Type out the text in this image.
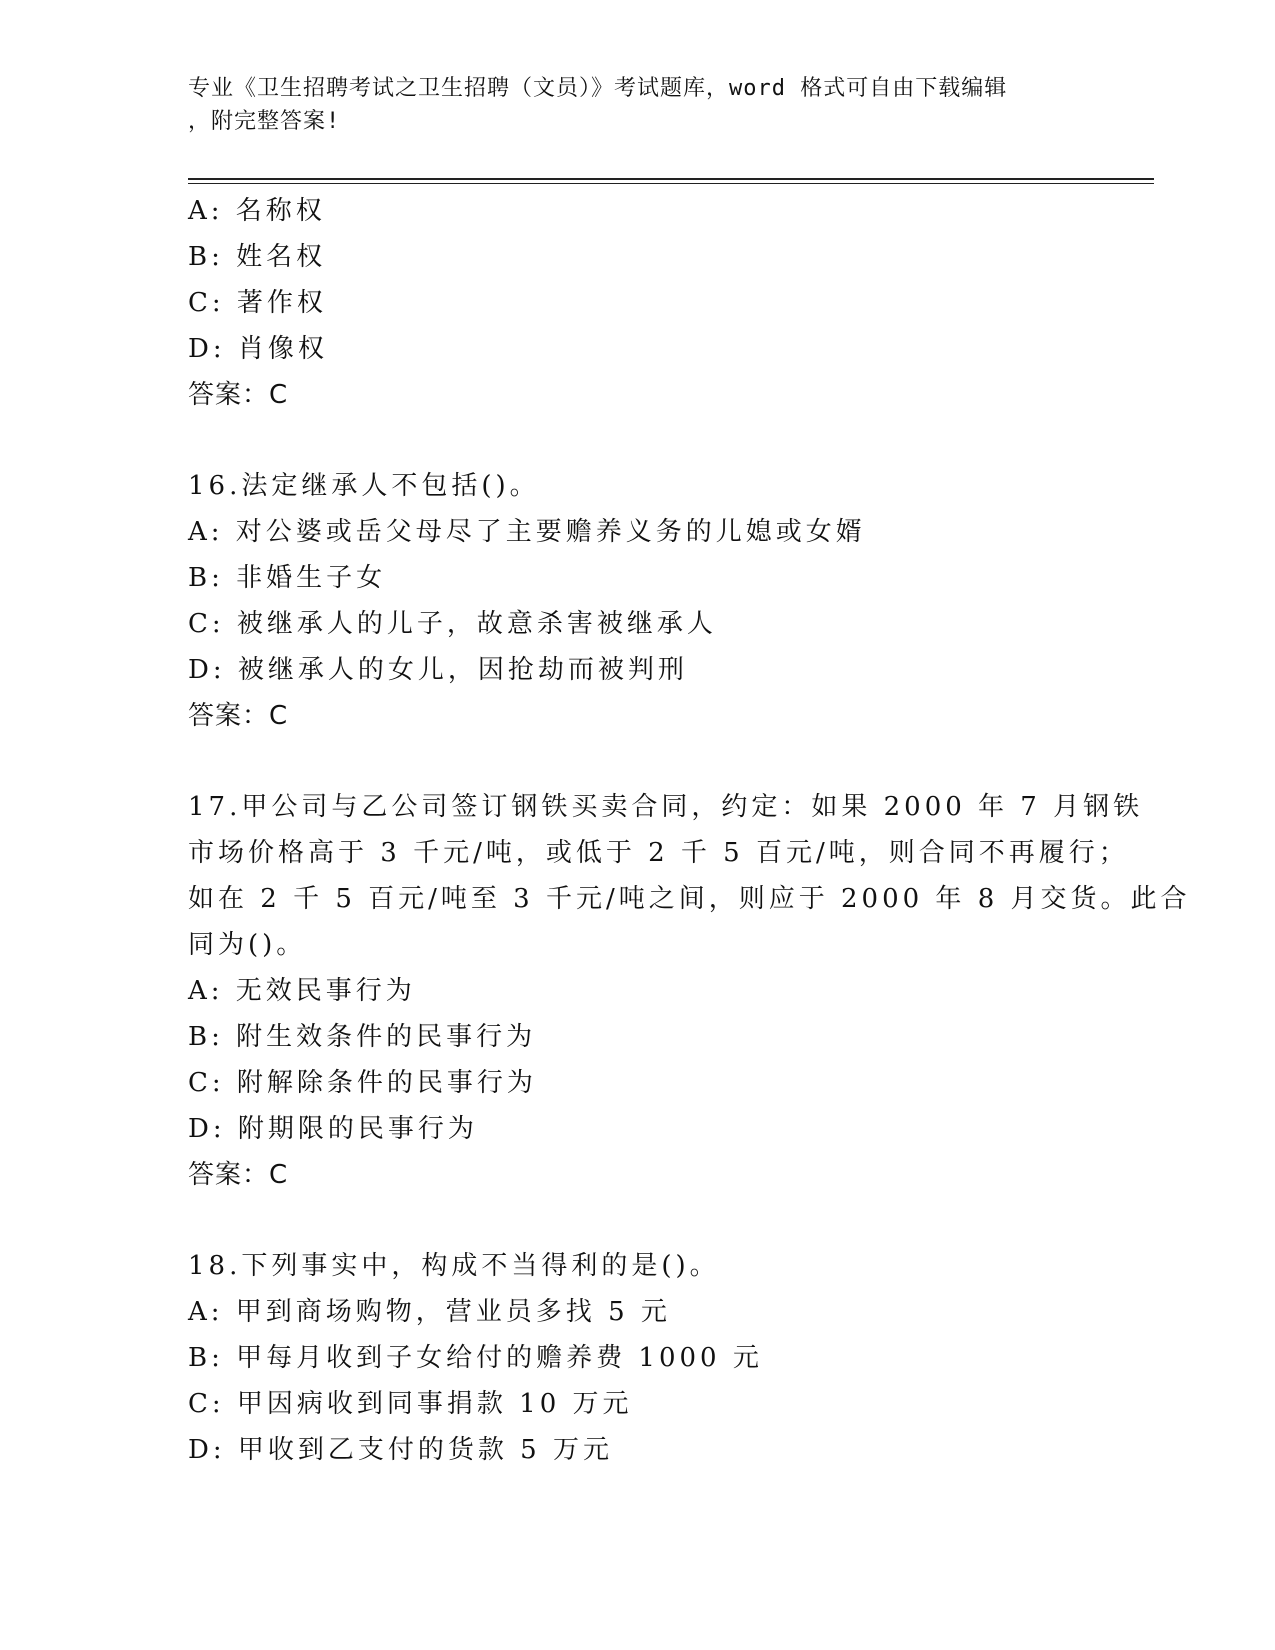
专业《卫生招聘考试之卫生招聘（文员）》考试题库，word 格式可自由下载编辑
，附完整答案!
A: 名称权
B: 姓名权
C: 著作权
D: 肖像权
答案：C
16.法定继承人不包括()。
A: 对公婆或岳父母尽了主要赡养义务的儿媳或女婿
B: 非婚生子女
C: 被继承人的儿子，故意杀害被继承人
D: 被继承人的女儿，因抢劫而被判刑
答案：C
17.甲公司与乙公司签订钢铁买卖合同，约定：如果 2000 年 7 月钢铁
市场价格高于 3 千元/吨，或低于 2 千 5 百元/吨，则合同不再履行；
如在 2 千 5 百元/吨至 3 千元/吨之间，则应于 2000 年 8 月交货。此合
同为()。
A: 无效民事行为
B: 附生效条件的民事行为
C: 附解除条件的民事行为
D: 附期限的民事行为
答案：C
18.下列事实中，构成不当得利的是()。
A: 甲到商场购物，营业员多找 5 元
B: 甲每月收到子女给付的赡养费 1000 元
C: 甲因病收到同事捐款 10 万元
D: 甲收到乙支付的货款 5 万元
